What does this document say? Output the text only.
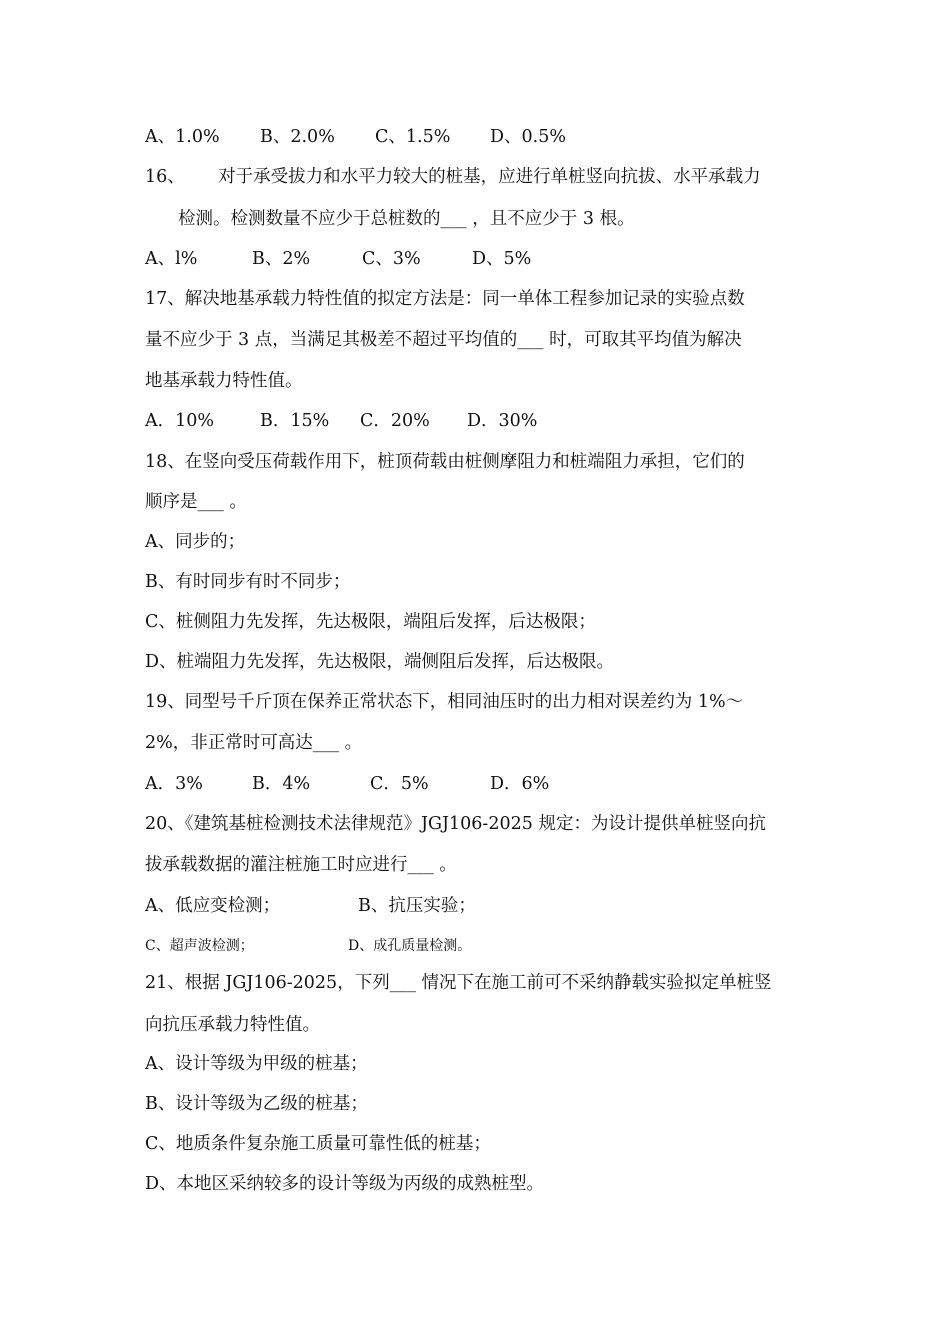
A、1.0% B、2.0% C、1.5% D、0.5%
16、      对于承受拔力和水平力较大的桩基，应进行单桩竖向抗拔、水平承载力
检测。检测数量不应少于总桩数的___ ，且不应少于 3 根。
A、l%	B、2%	C、3%	D、5%
17、解决地基承载力特性值的拟定方法是：同一单体工程参加记录的实验点数
量不应少于 3 点，当满足其极差不超过平均值的___ 时，可取其平均值为解决
地基承载力特性值。
A．10%	B．15% C．20% D．30%
18、在竖向受压荷载作用下，桩顶荷载由桩侧摩阻力和桩端阻力承担，它们的
顺序是___ 。
A、同步的；
B、有时同步有时不同步；
C、桩侧阻力先发挥，先达极限，端阻后发挥，后达极限；
D、桩端阻力先发挥，先达极限，端侧阻后发挥，后达极限。
19、同型号千斤顶在保养正常状态下，相同油压时的出力相对误差约为 1%～
2%，非正常时可高达___ 。
A．3%	B．4%	C．5%	D．6%
20、《建筑基桩检测技术法律规范》JGJ106-2025 规定：为设计提供单桩竖向抗
拔承载数据的灌注桩施工时应进行___ 。
A、低应变检测；	B、抗压实验；
C、超声波检测；	D、成孔质量检测。
21、根据 JGJ106-2025，下列___ 情况下在施工前可不采纳静载实验拟定单桩竖
向抗压承载力特性值。
A、设计等级为甲级的桩基；
B、设计等级为乙级的桩基；
C、地质条件复杂施工质量可靠性低的桩基；
D、本地区采纳较多的设计等级为丙级的成熟桩型。
